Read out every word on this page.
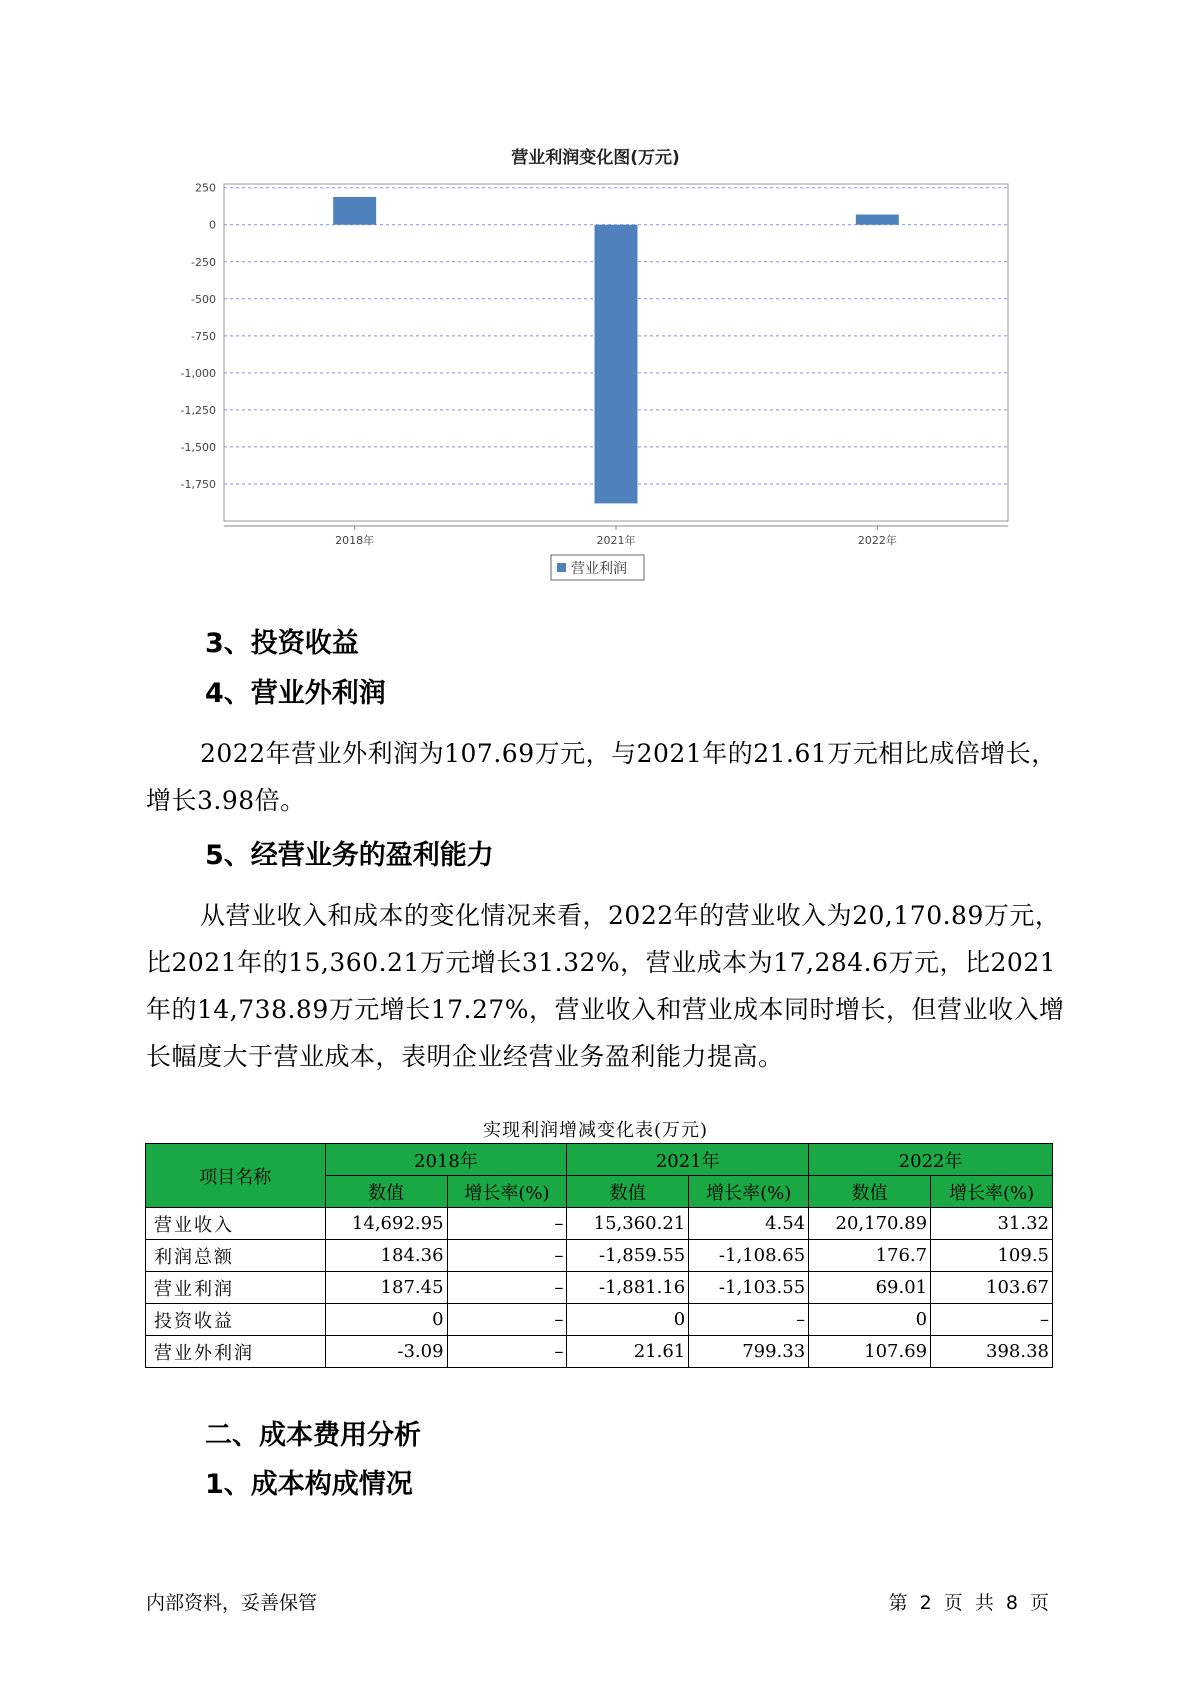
营业利润变化图(万元)
250
0
-250
-500
-750
-1,000
-1,250
-1,500
-1,750
2018年	2021年	2022年
营业利润
3、投资收益
4、营业外利润
2022年营业外利润为107.69万元，与2021年的21.61万元相比成倍增长，增长3.98倍。
5、经营业务的盈利能力
从营业收入和成本的变化情况来看，2022年的营业收入为20,170.89万元，比2021年的15,360.21万元增长31.32%，营业成本为17,284.6万元，比2021年的14,738.89万元增长17.27%，营业收入和营业成本同时增长，但营业收入增长幅度大于营业成本，表明企业经营业务盈利能力提高。
实现利润增减变化表(万元)
项目名称	2018年		2021年		2022年	
	数值	增长率(%)	数值	增长率(%)	数值	增长率(%)
营业收入	14,692.95	–	15,360.21	4.54	20,170.89	31.32
利润总额	184.36	–	-1,859.55	-1,108.65	176.7	109.5
营业利润	187.45	–	-1,881.16	-1,103.55	69.01	103.67
投资收益	0	–	0	–	0	–
营业外利润	-3.09	–	21.61	799.33	107.69	398.38
二、成本费用分析
1、成本构成情况
内部资料，妥善保管	第 2 页 共 8 页
